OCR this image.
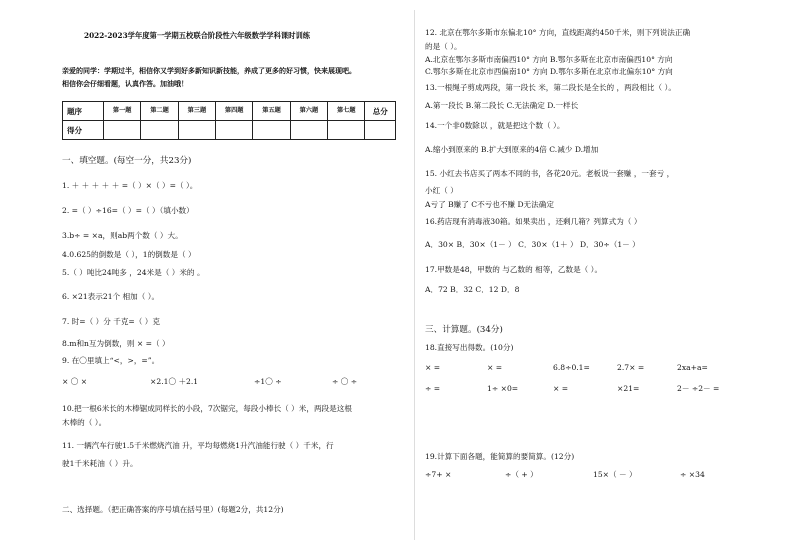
2022-2023学年度第一学期五校联合阶段性六年级数学学科课时训练
亲爱的同学：学期过半，相信你又学到好多新知识新技能，养成了更多的好习惯，快来展现吧。
相信你会仔细看题，认真作答。加油哦！
题序	第一题	第二题	第三题	第四题	第五题	第六题	第七题	总分
得分								
一、填空题。(每空一分，共23分)
1. ＋ ＋ ＋ ＋ ＋ =（ ）×（ ）=（ ）。
2. =（ ）÷16=（ ）=（ ）（填小数）
3.b÷ = ×a，则ab两个数（ ）大。
4.0.625的倒数是（ ），1的倒数是（ ）
5.（ ）吨比24吨多 ，24米是（ ）米的 。
6. ×21表示21个 相加（ ）。
7. 时=（ ）分 千克=（ ）克
8.m和n互为倒数，则 × =（ ）
9. 在〇里填上“<，>，=”。
× 〇 ×	×2.1〇 ＋2.1	÷1〇 ÷	÷ 〇 ÷
10.把一根6米长的木棒锯成同样长的小段，7次锯完，每段小棒长（ ）米，两段是这根
木棒的（ ）。
11. 一辆汽车行驶1.5千米燃烧汽油 升，平均每燃烧1升汽油能行驶（ ）千米，行
驶1千米耗油（ ）升。
二、选择题。（把正确答案的序号填在括号里）(每题2分，共12分)
12. 北京在鄂尔多斯市东偏北10° 方向，直线距离约450千米，则下列说法正确
的是（ ）。
A.北京在鄂尔多斯市南偏西10° 方向 B.鄂尔多斯在北京市南偏西10° 方向
C.鄂尔多斯在北京市西偏南10° 方向 D.鄂尔多斯在北京市北偏东10° 方向
13.一根绳子剪成两段，第一段长 米，第二段长是全长的 ，两段相比（ ）。
A.第一段长 B.第二段长 C.无法确定 D.一样长
14.一个非0数除以 ，就是把这个数（ ）。
A.缩小到原来的 B.扩大到原来的4倍 C.减少 D.增加
15. 小红去书店买了两本不同的书，各花20元。老板说一套赚 ，一套亏 ，
小红（ ）
A亏了 B赚了 C不亏也不赚 D无法确定
16.药店现有消毒液30箱。如果卖出 ，还剩几箱？列算式为（ ）
A．30× B．30×（1－ ） C．30×（1＋ ） D．30÷（1－ ）
17.甲数是48，甲数的 与乙数的 相等，乙数是（ ）。
A．72 B．32 C．12 D．8
三、计算题。(34分)
18.直接写出得数。(10分)
× =	× =	6.8÷0.1=	2.7× =	2xa+a=
÷ =	1÷ ×0=	× =	×21=	2－ ÷2－ =
19.计算下面各题，能简算的要简算。(12分)
÷7+ ×	÷（ + ）	15×（ － ）	÷ ×34
